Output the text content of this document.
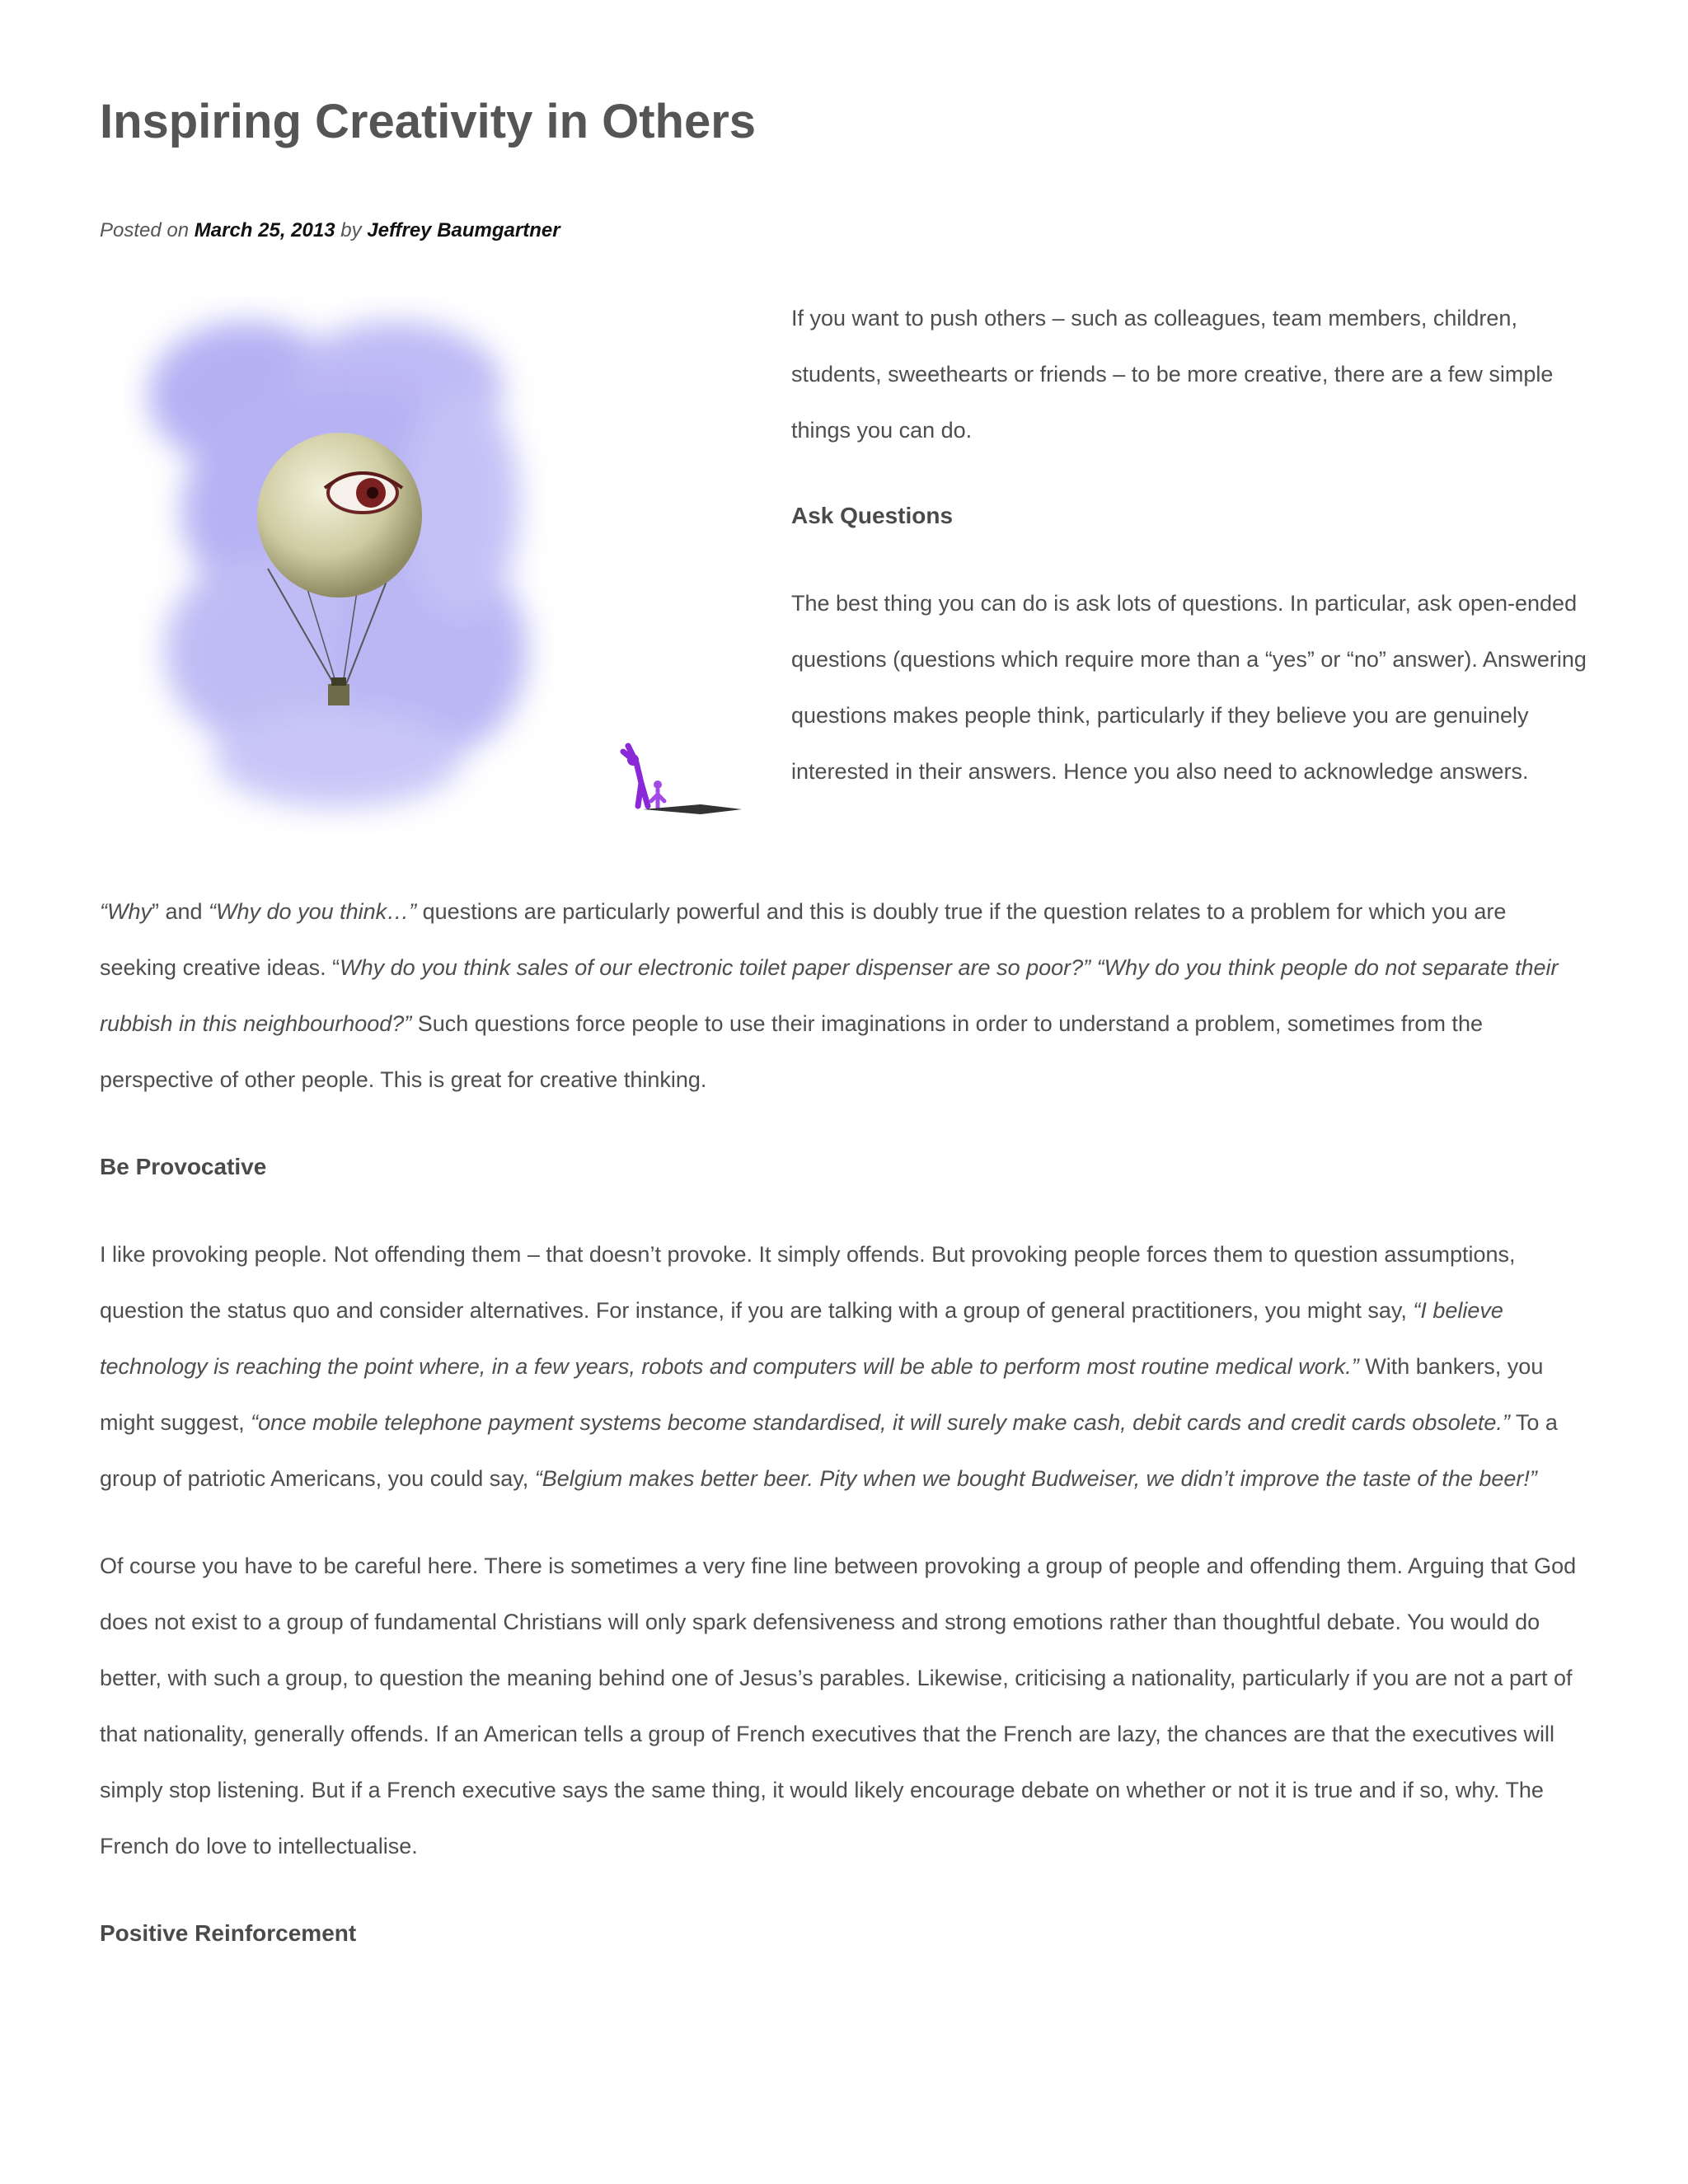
Inspiring Creativity in Others
Posted on March 25, 2013 by Jeffrey Baumgartner

If you want to push others – such as colleagues, team members, children, students, sweethearts or friends – to be more creative, there are a few simple things you can do.

Ask Questions

The best thing you can do is ask lots of questions. In particular, ask open-ended questions (questions which require more than a “yes” or “no” answer). Answering questions makes people think, particularly if they believe you are genuinely interested in their answers. Hence you also need to acknowledge answers.

“Why” and “Why do you think…” questions are particularly powerful and this is doubly true if the question relates to a problem for which you are seeking creative ideas. “Why do you think sales of our electronic toilet paper dispenser are so poor?” “Why do you think people do not separate their rubbish in this neighbourhood?” Such questions force people to use their imaginations in order to understand a problem, sometimes from the perspective of other people. This is great for creative thinking.

Be Provocative

I like provoking people. Not offending them – that doesn’t provoke. It simply offends. But provoking people forces them to question assumptions, question the status quo and consider alternatives. For instance, if you are talking with a group of general practitioners, you might say, “I believe technology is reaching the point where, in a few years, robots and computers will be able to perform most routine medical work.” With bankers, you might suggest, “once mobile telephone payment systems become standardised, it will surely make cash, debit cards and credit cards obsolete.” To a group of patriotic Americans, you could say, “Belgium makes better beer. Pity when we bought Budweiser, we didn’t improve the taste of the beer!”

Of course you have to be careful here. There is sometimes a very fine line between provoking a group of people and offending them. Arguing that God does not exist to a group of fundamental Christians will only spark defensiveness and strong emotions rather than thoughtful debate. You would do better, with such a group, to question the meaning behind one of Jesus’s parables. Likewise, criticising a nationality, particularly if you are not a part of that nationality, generally offends. If an American tells a group of French executives that the French are lazy, the chances are that the executives will simply stop listening. But if a French executive says the same thing, it would likely encourage debate on whether or not it is true and if so, why. The French do love to intellectualise.

Positive Reinforcement
